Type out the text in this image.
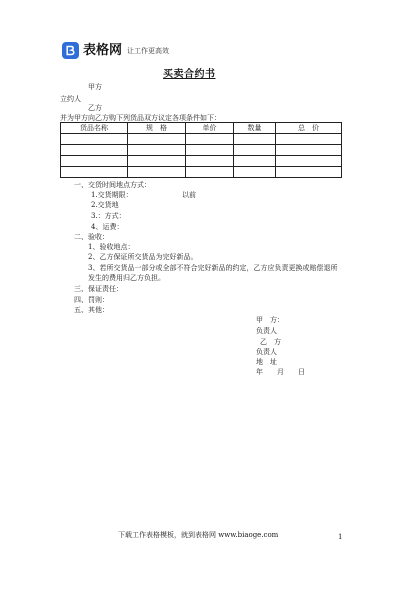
表格网 让工作更高效
买卖合约书
甲方
立约人
乙方
并为甲方向乙方购下列货品双方议定各项条件如下：
货品名称	规　格	单价	数量	总　价

一、交货时间地点方式：
1.交货期限：	以前
2.交货地
3.：方式：
4、运费：
二、验收：
1、验收地点：
2、乙方保证所交货品为完好新品。
3、若所交货品一部分或全部不符合完好新品的约定，乙方应负责更换或赔偿退所
发生的费用归乙方负担。
三、保证责任：
四、罚则：
五、其他：
甲　方：
负责人
乙　方
负责人
地　址
年　　月　　日
下载工作表格模板，就到表格网 www.biaoge.com	1
